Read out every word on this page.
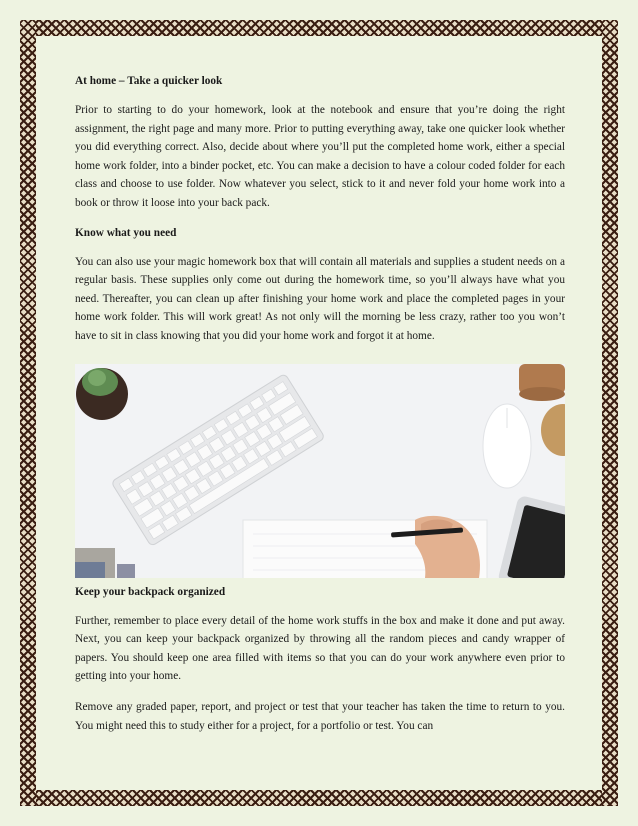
At home – Take a quicker look

Prior to starting to do your homework, look at the notebook and ensure that you’re doing the right assignment, the right page and many more. Prior to putting everything away, take one quicker look whether you did everything correct. Also, decide about where you’ll put the completed home work, either a special home work folder, into a binder pocket, etc. You can make a decision to have a colour coded folder for each class and choose to use folder. Now whatever you select, stick to it and never fold your home work into a book or throw it loose into your back pack.

Know what you need

You can also use your magic homework box that will contain all materials and supplies a student needs on a regular basis. These supplies only come out during the homework time, so you’ll always have what you need. Thereafter, you can clean up after finishing your home work and place the completed pages in your home work folder. This will work great! As not only will the morning be less crazy, rather too you won’t have to sit in class knowing that you did your home work and forgot it at home.

Keep your backpack organized

Further, remember to place every detail of the home work stuffs in the box and make it done and put away. Next, you can keep your backpack organized by throwing all the random pieces and candy wrapper of papers. You should keep one area filled with items so that you can do your work anywhere even prior to getting into your home.

Remove any graded paper, report, and project or test that your teacher has taken the time to return to you. You might need this to study either for a project, for a portfolio or test. You can
